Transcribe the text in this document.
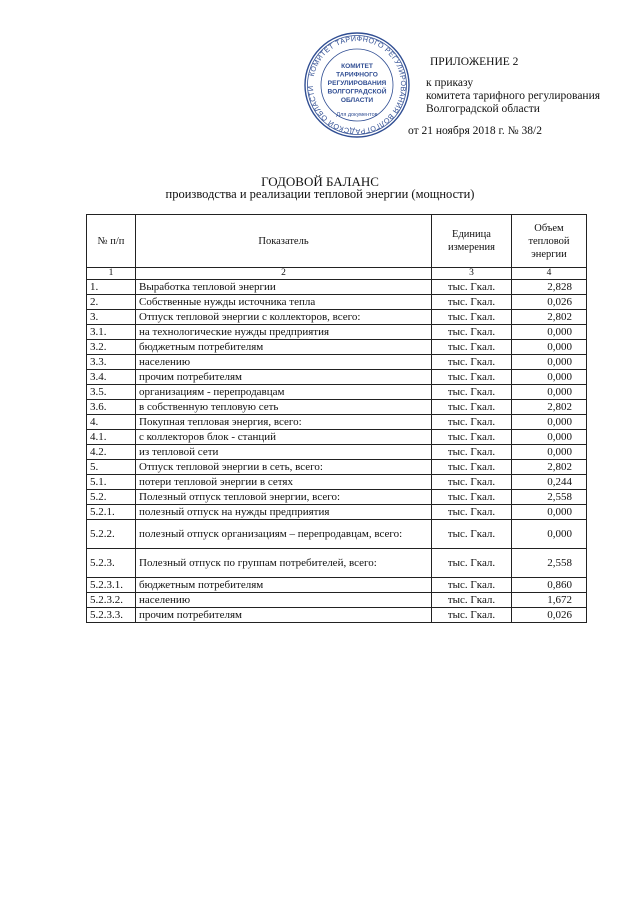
КОМИТЕТ ТАРИФНОГО РЕГУЛИРОВАНИЯ ВОЛГОГРАДСКОЙ ОБЛАСТИ
КОМИТЕТ
ТАРИФНОГО
РЕГУЛИРОВАНИЯ
ВОЛГОГРАДСКОЙ
ОБЛАСТИ
Для документов
ПРИЛОЖЕНИЕ 2
к приказу
комитета тарифного регулирования
Волгоградской области
от 21 ноября 2018 г. № 38/2
ГОДОВОЙ БАЛАНС
производства и реализации тепловой энергии (мощности)
№ п/п	Показатель	Единица измерения	Объем тепловой энергии
1	2	3	4
1.	Выработка тепловой энергии	тыс. Гкал.	2,828
2.	Собственные нужды источника тепла	тыс. Гкал.	0,026
3.	Отпуск тепловой энергии с коллекторов, всего:	тыс. Гкал.	2,802
3.1.	на технологические нужды предприятия	тыс. Гкал.	0,000
3.2.	бюджетным потребителям	тыс. Гкал.	0,000
3.3.	населению	тыс. Гкал.	0,000
3.4.	прочим потребителям	тыс. Гкал.	0,000
3.5.	организациям - перепродавцам	тыс. Гкал.	0,000
3.6.	в собственную тепловую сеть	тыс. Гкал.	2,802
4.	Покупная тепловая энергия, всего:	тыс. Гкал.	0,000
4.1.	с коллекторов блок - станций	тыс. Гкал.	0,000
4.2.	из тепловой сети	тыс. Гкал.	0,000
5.	Отпуск тепловой энергии в сеть, всего:	тыс. Гкал.	2,802
5.1.	потери тепловой энергии в сетях	тыс. Гкал.	0,244
5.2.	Полезный отпуск тепловой энергии, всего:	тыс. Гкал.	2,558
5.2.1.	полезный отпуск на нужды предприятия	тыс. Гкал.	0,000
5.2.2.	полезный отпуск организациям – перепродавцам, всего:	тыс. Гкал.	0,000
5.2.3.	Полезный отпуск по группам потребителей, всего:	тыс. Гкал.	2,558
5.2.3.1.	бюджетным потребителям	тыс. Гкал.	0,860
5.2.3.2.	населению	тыс. Гкал.	1,672
5.2.3.3.	прочим потребителям	тыс. Гкал.	0,026
